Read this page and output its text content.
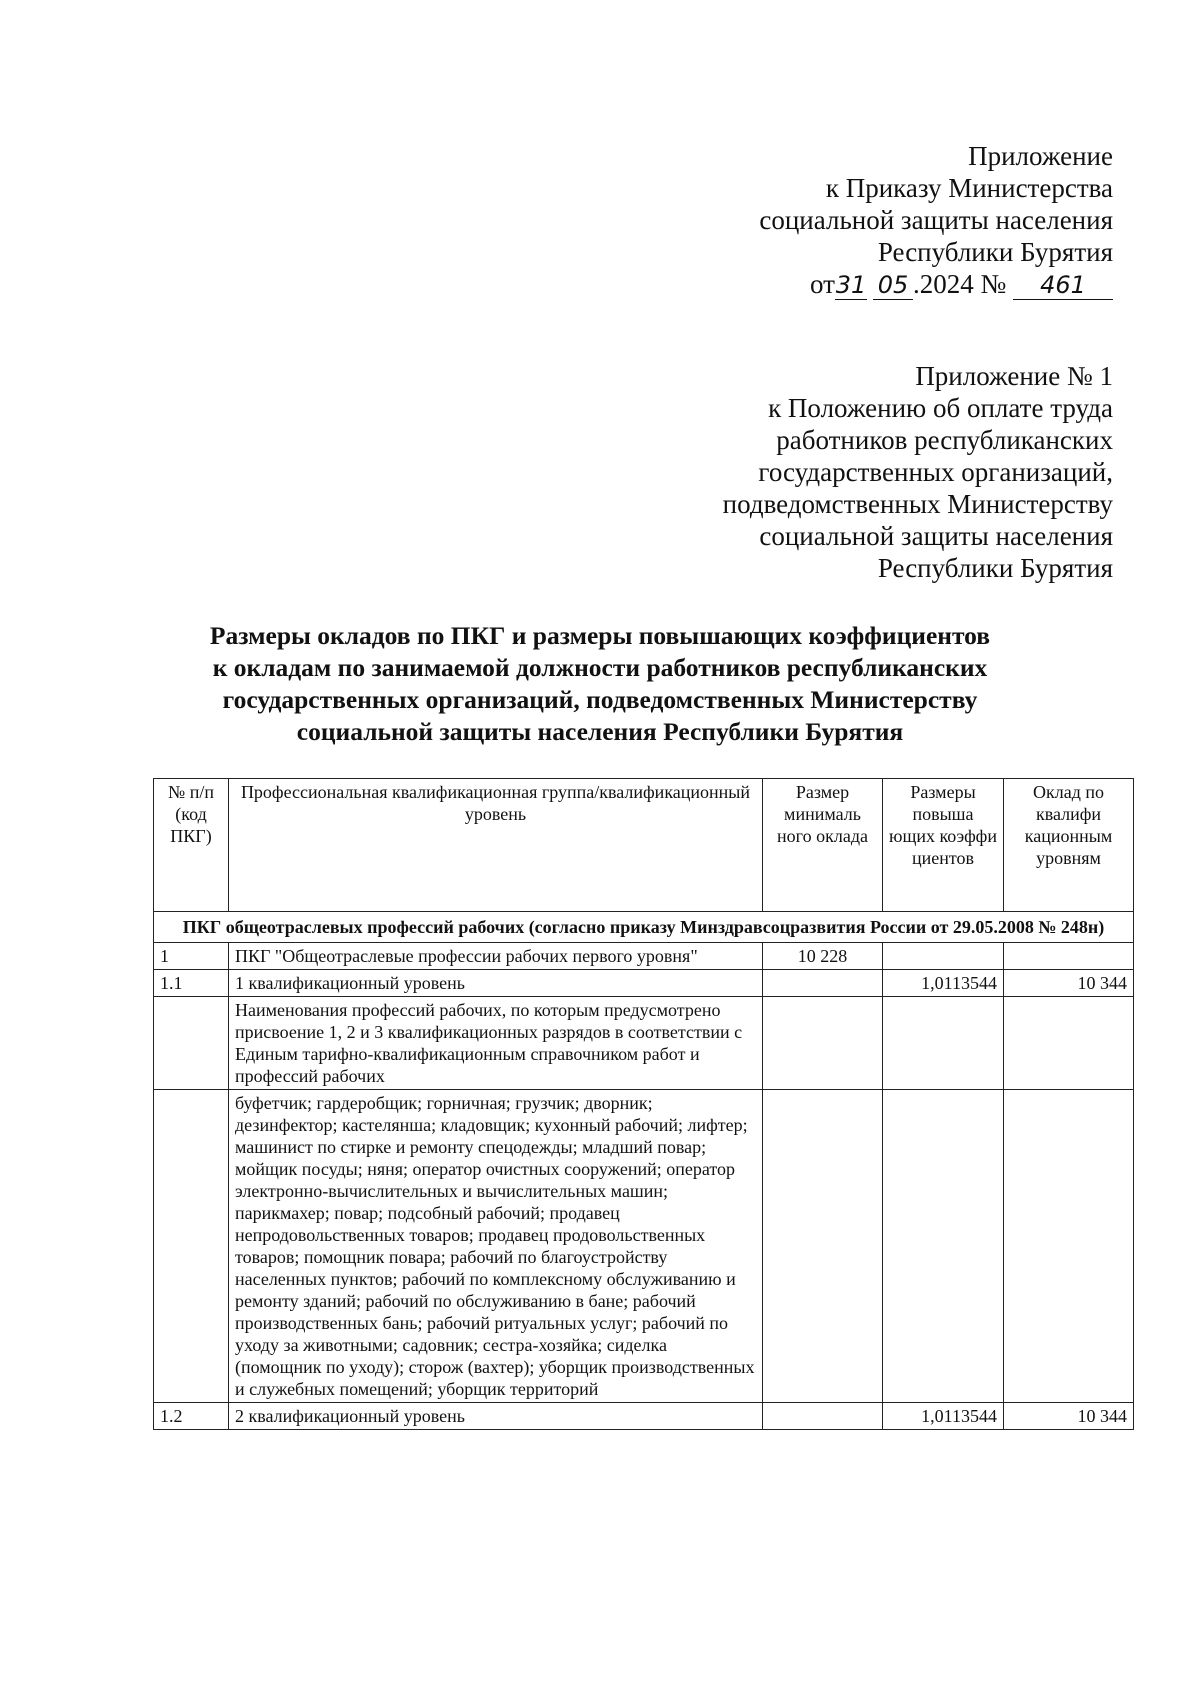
Приложение
к Приказу Министерства
социальной защиты населения
Республики Бурятия
от31 05 .2024 № 461
Приложение № 1
к Положению об оплате труда
работников республиканских
государственных организаций,
подведомственных Министерству
социальной защиты населения
Республики Бурятия
Размеры окладов по ПКГ и размеры повышающих коэффициентов
к окладам по занимаемой должности работников республиканских
государственных организаций, подведомственных Министерству
социальной защиты населения Республики Бурятия
№ п/п (код ПКГ)	Профессиональная квалификационная группа/квалификационный уровень	Размер минималь ного оклада	Размеры повыша ющих коэффи циентов	Оклад по квалифи кационным уровням
ПКГ общеотраслевых профессий рабочих (согласно приказу Минздравсоцразвития России от 29.05.2008 № 248н)				
1	ПКГ "Общеотраслевые профессии рабочих первого уровня"	10 228		
1.1	1 квалификационный уровень		1,0113544	10 344
	Наименования профессий рабочих, по которым предусмотрено присвоение 1, 2 и 3 квалификационных разрядов в соответствии с Единым тарифно-квалификационным справочником работ и профессий рабочих			
	буфетчик; гардеробщик; горничная; грузчик; дворник; дезинфектор; кастелянша; кладовщик; кухонный рабочий; лифтер; машинист по стирке и ремонту спецодежды; младший повар; мойщик посуды; няня; оператор очистных сооружений; оператор электронно-вычислительных и вычислительных машин; парикмахер; повар; подсобный рабочий; продавец непродовольственных товаров; продавец продовольственных товаров; помощник повара; рабочий по благоустройству населенных пунктов; рабочий по комплексному обслуживанию и ремонту зданий; рабочий по обслуживанию в бане; рабочий производственных бань; рабочий ритуальных услуг; рабочий по уходу за животными; садовник; сестра-хозяйка; сиделка (помощник по уходу); сторож (вахтер); уборщик производственных и служебных помещений; уборщик территорий			
1.2	2 квалификационный уровень		1,0113544	10 344
